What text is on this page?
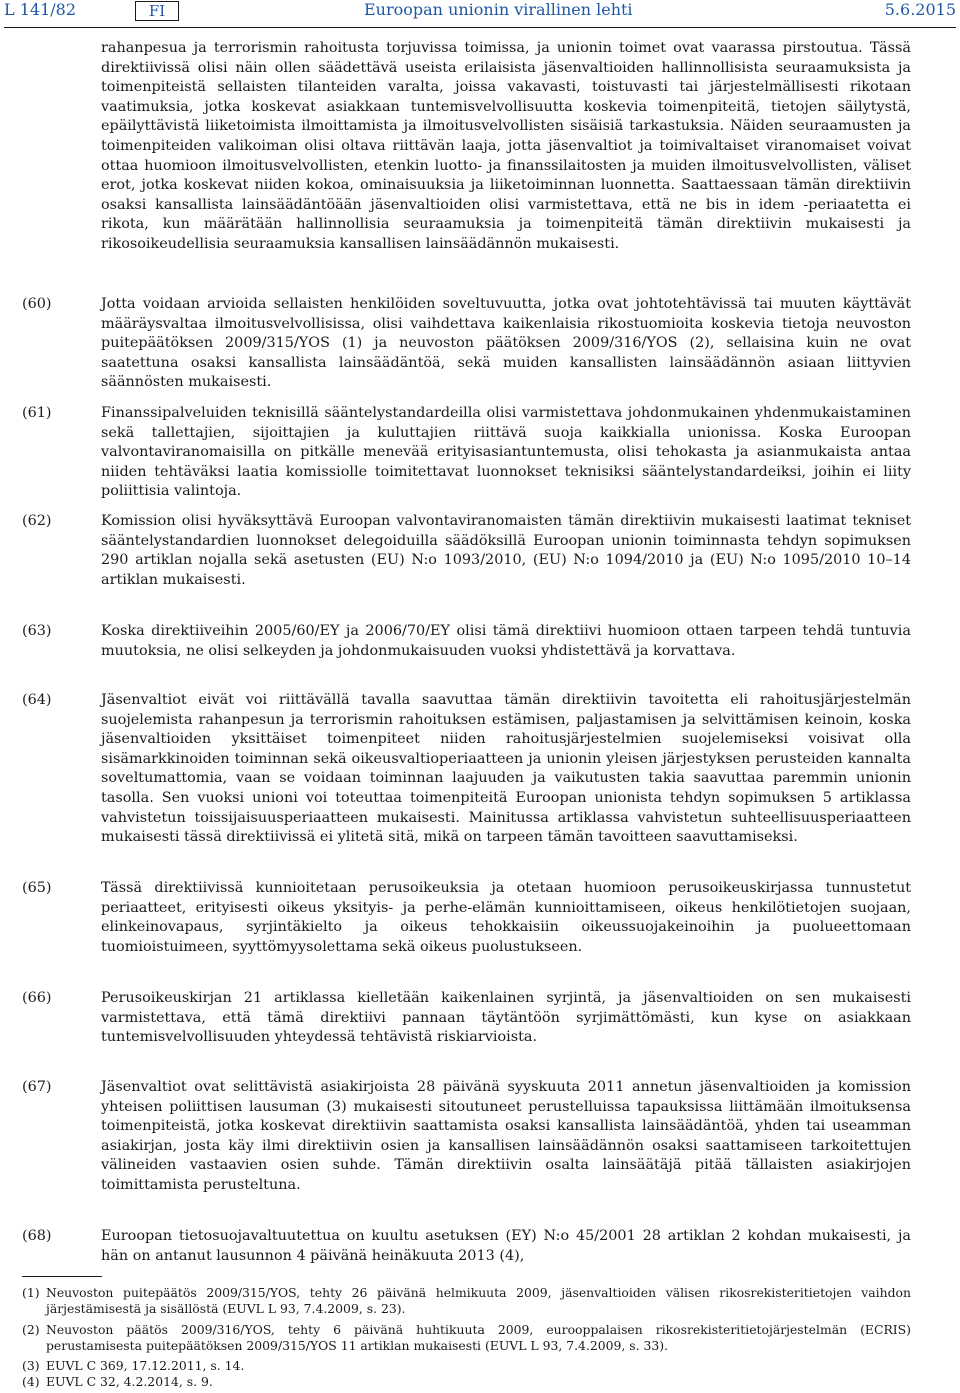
L 141/82	FI	Euroopan unionin virallinen lehti	5.6.2015
rahanpesua ja terrorismin rahoitusta torjuvissa toimissa, ja unionin toimet ovat vaarassa pirstoutua. Tässä direktiivissä olisi näin ollen säädettävä useista erilaisista jäsenvaltioiden hallinnollisista seuraamuksista ja toimenpiteistä sellaisten tilanteiden varalta, joissa vakavasti, toistuvasti tai järjestelmällisesti rikotaan vaatimuksia, jotka koskevat asiakkaan tuntemisvelvollisuutta koskevia toimenpiteitä, tietojen säilytystä, epäilyttävistä liiketoimista ilmoittamista ja ilmoitusvelvollisten sisäisiä tarkastuksia. Näiden seuraamusten ja toimenpiteiden valikoiman olisi oltava riittävän laaja, jotta jäsenvaltiot ja toimivaltaiset viranomaiset voivat ottaa huomioon ilmoitusvelvollisten, etenkin luotto- ja finanssilaitosten ja muiden ilmoitusvelvollisten, väliset erot, jotka koskevat niiden kokoa, ominaisuuksia ja liiketoiminnan luonnetta. Saattaessaan tämän direktiivin osaksi kansallista lainsäädäntöään jäsenvaltioiden olisi varmistettava, että ne bis in idem -periaatetta ei rikota, kun määrätään hallinnollisia seuraamuksia ja toimenpiteitä tämän direktiivin mukaisesti ja rikosoikeudellisia seuraamuksia kansallisen lainsäädännön mukaisesti.
(60)	Jotta voidaan arvioida sellaisten henkilöiden soveltuvuutta, jotka ovat johtotehtävissä tai muuten käyttävät määräysvaltaa ilmoitusvelvollisissa, olisi vaihdettava kaikenlaisia rikostuomioita koskevia tietoja neuvoston puitepäätöksen 2009/315/YOS (1) ja neuvoston päätöksen 2009/316/YOS (2), sellaisina kuin ne ovat saatettuna osaksi kansallista lainsäädäntöä, sekä muiden kansallisten lainsäädännön asiaan liittyvien säännösten mukaisesti.
(61)	Finanssipalveluiden teknisillä sääntelystandardeilla olisi varmistettava johdonmukainen yhdenmukaistaminen sekä tallettajien, sijoittajien ja kuluttajien riittävä suoja kaikkialla unionissa. Koska Euroopan valvontaviranomaisilla on pitkälle menevää erityisasiantuntemusta, olisi tehokasta ja asianmukaista antaa niiden tehtäväksi laatia komissiolle toimitettavat luonnokset teknisiksi sääntelystandardeiksi, joihin ei liity poliittisia valintoja.
(62)	Komission olisi hyväksyttävä Euroopan valvontaviranomaisten tämän direktiivin mukaisesti laatimat tekniset sääntelystandardien luonnokset delegoiduilla säädöksillä Euroopan unionin toiminnasta tehdyn sopimuksen 290 artiklan nojalla sekä asetusten (EU) N:o 1093/2010, (EU) N:o 1094/2010 ja (EU) N:o 1095/2010 10–14 artiklan mukaisesti.
(63)	Koska direktiiveihin 2005/60/EY ja 2006/70/EY olisi tämä direktiivi huomioon ottaen tarpeen tehdä tuntuvia muutoksia, ne olisi selkeyden ja johdonmukaisuuden vuoksi yhdistettävä ja korvattava.
(64)	Jäsenvaltiot eivät voi riittävällä tavalla saavuttaa tämän direktiivin tavoitetta eli rahoitusjärjestelmän suojelemista rahanpesun ja terrorismin rahoituksen estämisen, paljastamisen ja selvittämisen keinoin, koska jäsenvaltioiden yksittäiset toimenpiteet niiden rahoitusjärjestelmien suojelemiseksi voisivat olla sisämarkkinoiden toiminnan sekä oikeusvaltioperiaatteen ja unionin yleisen järjestyksen perusteiden kannalta soveltumattomia, vaan se voidaan toiminnan laajuuden ja vaikutusten takia saavuttaa paremmin unionin tasolla. Sen vuoksi unioni voi toteuttaa toimenpiteitä Euroopan unionista tehdyn sopimuksen 5 artiklassa vahvistetun toissijaisuusperiaatteen mukaisesti. Mainitussa artiklassa vahvistetun suhteellisuusperiaatteen mukaisesti tässä direktiivissä ei ylitetä sitä, mikä on tarpeen tämän tavoitteen saavuttamiseksi.
(65)	Tässä direktiivissä kunnioitetaan perusoikeuksia ja otetaan huomioon perusoikeuskirjassa tunnustetut periaatteet, erityisesti oikeus yksityis- ja perhe-elämän kunnioittamiseen, oikeus henkilötietojen suojaan, elinkeinovapaus, syrjintäkielto ja oikeus tehokkaisiin oikeussuojakeinoihin ja puolueettomaan tuomioistuimeen, syyttömyysolettama sekä oikeus puolustukseen.
(66)	Perusoikeuskirjan 21 artiklassa kielletään kaikenlainen syrjintä, ja jäsenvaltioiden on sen mukaisesti varmistettava, että tämä direktiivi pannaan täytäntöön syrjimättömästi, kun kyse on asiakkaan tuntemisvelvollisuuden yhteydessä tehtävistä riskiarvioista.
(67)	Jäsenvaltiot ovat selittävistä asiakirjoista 28 päivänä syyskuuta 2011 annetun jäsenvaltioiden ja komission yhteisen poliittisen lausuman (3) mukaisesti sitoutuneet perustelluissa tapauksissa liittämään ilmoituksensa toimenpiteistä, jotka koskevat direktiivin saattamista osaksi kansallista lainsäädäntöä, yhden tai useamman asiakirjan, josta käy ilmi direktiivin osien ja kansallisen lainsäädännön osaksi saattamiseen tarkoitettujen välineiden vastaavien osien suhde. Tämän direktiivin osalta lainsäätäjä pitää tällaisten asiakirjojen toimittamista perusteltuna.
(68)	Euroopan tietosuojavaltuutettua on kuultu asetuksen (EY) N:o 45/2001 28 artiklan 2 kohdan mukaisesti, ja hän on antanut lausunnon 4 päivänä heinäkuuta 2013 (4),
(1) Neuvoston puitepäätös 2009/315/YOS, tehty 26 päivänä helmikuuta 2009, jäsenvaltioiden välisen rikosrekisteritietojen vaihdon järjestämisestä ja sisällöstä (EUVL L 93, 7.4.2009, s. 23).
(2) Neuvoston päätös 2009/316/YOS, tehty 6 päivänä huhtikuuta 2009, eurooppalaisen rikosrekisteritietojärjestelmän (ECRIS) perustamisesta puitepäätöksen 2009/315/YOS 11 artiklan mukaisesti (EUVL L 93, 7.4.2009, s. 33).
(3) EUVL C 369, 17.12.2011, s. 14.
(4) EUVL C 32, 4.2.2014, s. 9.
